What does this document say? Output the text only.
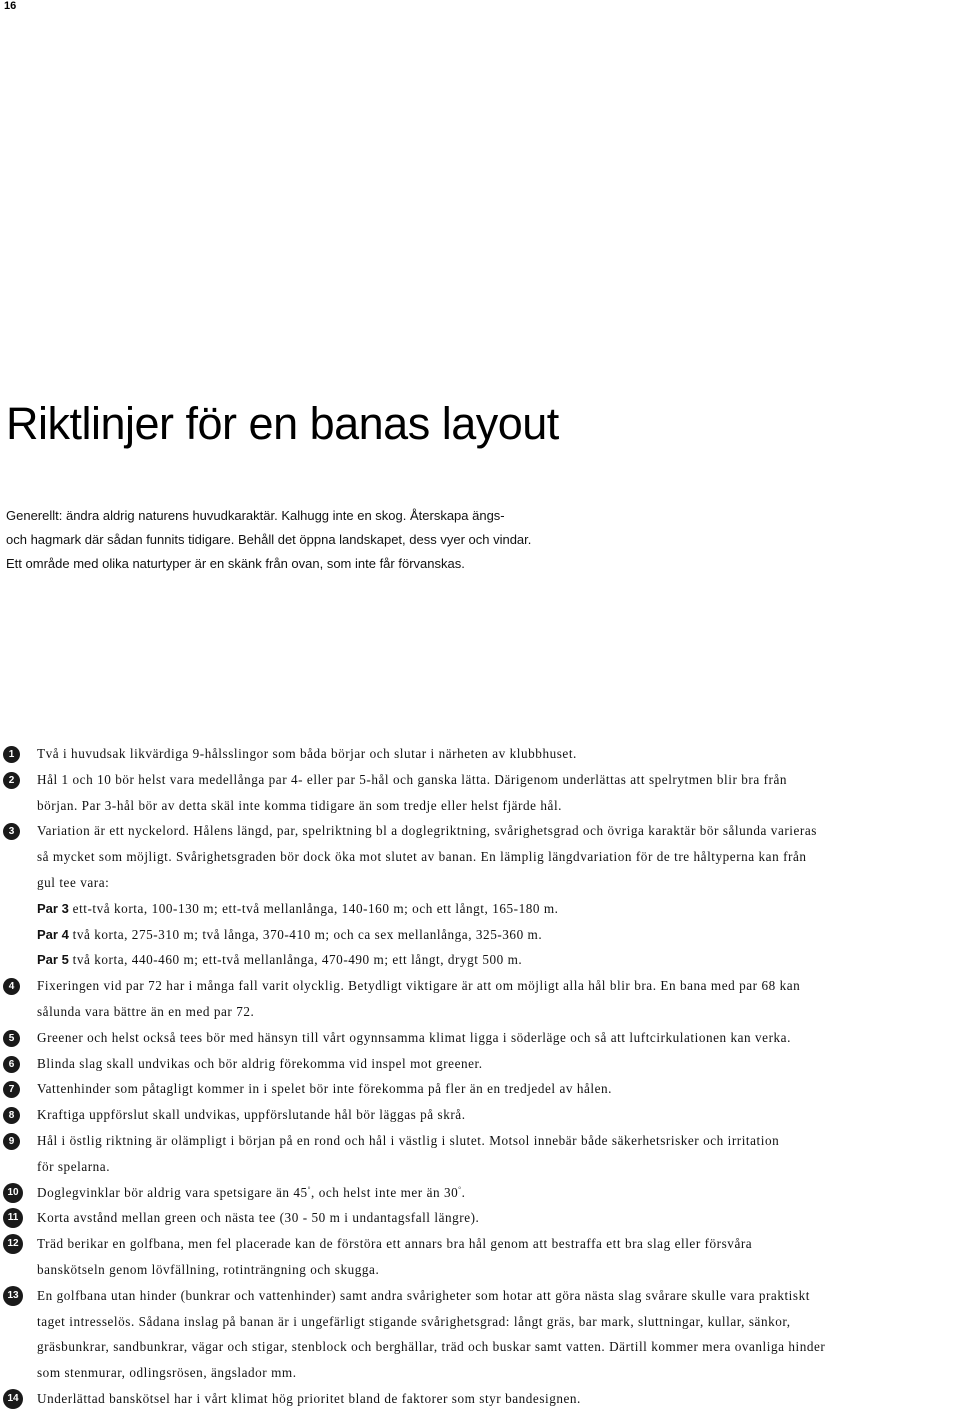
16
Riktlinjer för en banas layout
Generellt: ändra aldrig naturens huvudkaraktär. Kalhugg inte en skog. Återskapa ängs-
och hagmark där sådan funnits tidigare. Behåll det öppna landskapet, dess vyer och vindar.
Ett område med olika naturtyper är en skänk från ovan, som inte får förvanskas.
1	Två i huvudsak likvärdiga 9-hålsslingor som båda börjar och slutar i närheten av klubbhuset.
2	Hål 1 och 10 bör helst vara medellånga par 4- eller par 5-hål och ganska lätta. Därigenom underlättas att spelrytmen blir bra från
början. Par 3-hål bör av detta skäl inte komma tidigare än som tredje eller helst fjärde hål.
3	Variation är ett nyckelord. Hålens längd, par, spelriktning bl a doglegriktning, svårighetsgrad och övriga karaktär bör sålunda varieras
så mycket som möjligt. Svårighetsgraden bör dock öka mot slutet av banan. En lämplig längdvariation för de tre håltyperna kan från
gul tee vara:
Par 3 ett-två korta, 100-130 m; ett-två mellanlånga, 140-160 m; och ett långt, 165-180 m.
Par 4 två korta, 275-310 m; två långa, 370-410 m; och ca sex mellanlånga, 325-360 m.
Par 5 två korta, 440-460 m; ett-två mellanlånga, 470-490 m; ett långt, drygt 500 m.
4	Fixeringen vid par 72 har i många fall varit olycklig. Betydligt viktigare är att om möjligt alla hål blir bra. En bana med par 68 kan
sålunda vara bättre än en med par 72.
5	Greener och helst också tees bör med hänsyn till vårt ogynnsamma klimat ligga i söderläge och så att luftcirkulationen kan verka.
6	Blinda slag skall undvikas och bör aldrig förekomma vid inspel mot greener.
7	Vattenhinder som påtagligt kommer in i spelet bör inte förekomma på fler än en tredjedel av hålen.
8	Kraftiga uppförslut skall undvikas, uppförslutande hål bör läggas på skrå.
9	Hål i östlig riktning är olämpligt i början på en rond och hål i västlig i slutet. Motsol innebär både säkerhetsrisker och irritation
för spelarna.
10	Doglegvinklar bör aldrig vara spetsigare än 45°, och helst inte mer än 30°.
11	Korta avstånd mellan green och nästa tee (30 - 50 m i undantagsfall längre).
12	Träd berikar en golfbana, men fel placerade kan de förstöra ett annars bra hål genom att bestraffa ett bra slag eller försvåra
banskötseln genom lövfällning, rotinträngning och skugga.
13	En golfbana utan hinder (bunkrar och vattenhinder) samt andra svårigheter som hotar att göra nästa slag svårare skulle vara praktiskt
taget intresselös. Sådana inslag på banan är i ungefärligt stigande svårighetsgrad: långt gräs, bar mark, sluttningar, kullar, sänkor,
gräsbunkrar, sandbunkrar, vägar och stigar, stenblock och berghällar, träd och buskar samt vatten. Därtill kommer mera ovanliga hinder
som stenmurar, odlingsrösen, ängslador mm.
14	Underlättad banskötsel har i vårt klimat hög prioritet bland de faktorer som styr bandesignen.
